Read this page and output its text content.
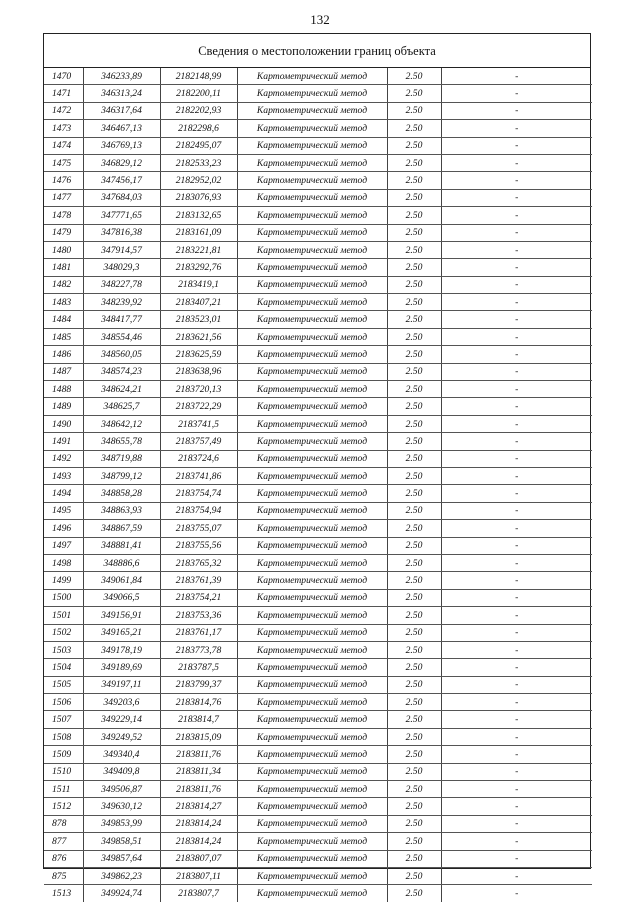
132
Сведения о местоположении границ объекта
1470	346233,89	2182148,99	Картометрический метод	2.50	-
1471	346313,24	2182200,11	Картометрический метод	2.50	-
1472	346317,64	2182202,93	Картометрический метод	2.50	-
1473	346467,13	2182298,6	Картометрический метод	2.50	-
1474	346769,13	2182495,07	Картометрический метод	2.50	-
1475	346829,12	2182533,23	Картометрический метод	2.50	-
1476	347456,17	2182952,02	Картометрический метод	2.50	-
1477	347684,03	2183076,93	Картометрический метод	2.50	-
1478	347771,65	2183132,65	Картометрический метод	2.50	-
1479	347816,38	2183161,09	Картометрический метод	2.50	-
1480	347914,57	2183221,81	Картометрический метод	2.50	-
1481	348029,3	2183292,76	Картометрический метод	2.50	-
1482	348227,78	2183419,1	Картометрический метод	2.50	-
1483	348239,92	2183407,21	Картометрический метод	2.50	-
1484	348417,77	2183523,01	Картометрический метод	2.50	-
1485	348554,46	2183621,56	Картометрический метод	2.50	-
1486	348560,05	2183625,59	Картометрический метод	2.50	-
1487	348574,23	2183638,96	Картометрический метод	2.50	-
1488	348624,21	2183720,13	Картометрический метод	2.50	-
1489	348625,7	2183722,29	Картометрический метод	2.50	-
1490	348642,12	2183741,5	Картометрический метод	2.50	-
1491	348655,78	2183757,49	Картометрический метод	2.50	-
1492	348719,88	2183724,6	Картометрический метод	2.50	-
1493	348799,12	2183741,86	Картометрический метод	2.50	-
1494	348858,28	2183754,74	Картометрический метод	2.50	-
1495	348863,93	2183754,94	Картометрический метод	2.50	-
1496	348867,59	2183755,07	Картометрический метод	2.50	-
1497	348881,41	2183755,56	Картометрический метод	2.50	-
1498	348886,6	2183765,32	Картометрический метод	2.50	-
1499	349061,84	2183761,39	Картометрический метод	2.50	-
1500	349066,5	2183754,21	Картометрический метод	2.50	-
1501	349156,91	2183753,36	Картометрический метод	2.50	-
1502	349165,21	2183761,17	Картометрический метод	2.50	-
1503	349178,19	2183773,78	Картометрический метод	2.50	-
1504	349189,69	2183787,5	Картометрический метод	2.50	-
1505	349197,11	2183799,37	Картометрический метод	2.50	-
1506	349203,6	2183814,76	Картометрический метод	2.50	-
1507	349229,14	2183814,7	Картометрический метод	2.50	-
1508	349249,52	2183815,09	Картометрический метод	2.50	-
1509	349340,4	2183811,76	Картометрический метод	2.50	-
1510	349409,8	2183811,34	Картометрический метод	2.50	-
1511	349506,87	2183811,76	Картометрический метод	2.50	-
1512	349630,12	2183814,27	Картометрический метод	2.50	-
878	349853,99	2183814,24	Картометрический метод	2.50	-
877	349858,51	2183814,24	Картометрический метод	2.50	-
876	349857,64	2183807,07	Картометрический метод	2.50	-
875	349862,23	2183807,11	Картометрический метод	2.50	-
1513	349924,74	2183807,7	Картометрический метод	2.50	-
